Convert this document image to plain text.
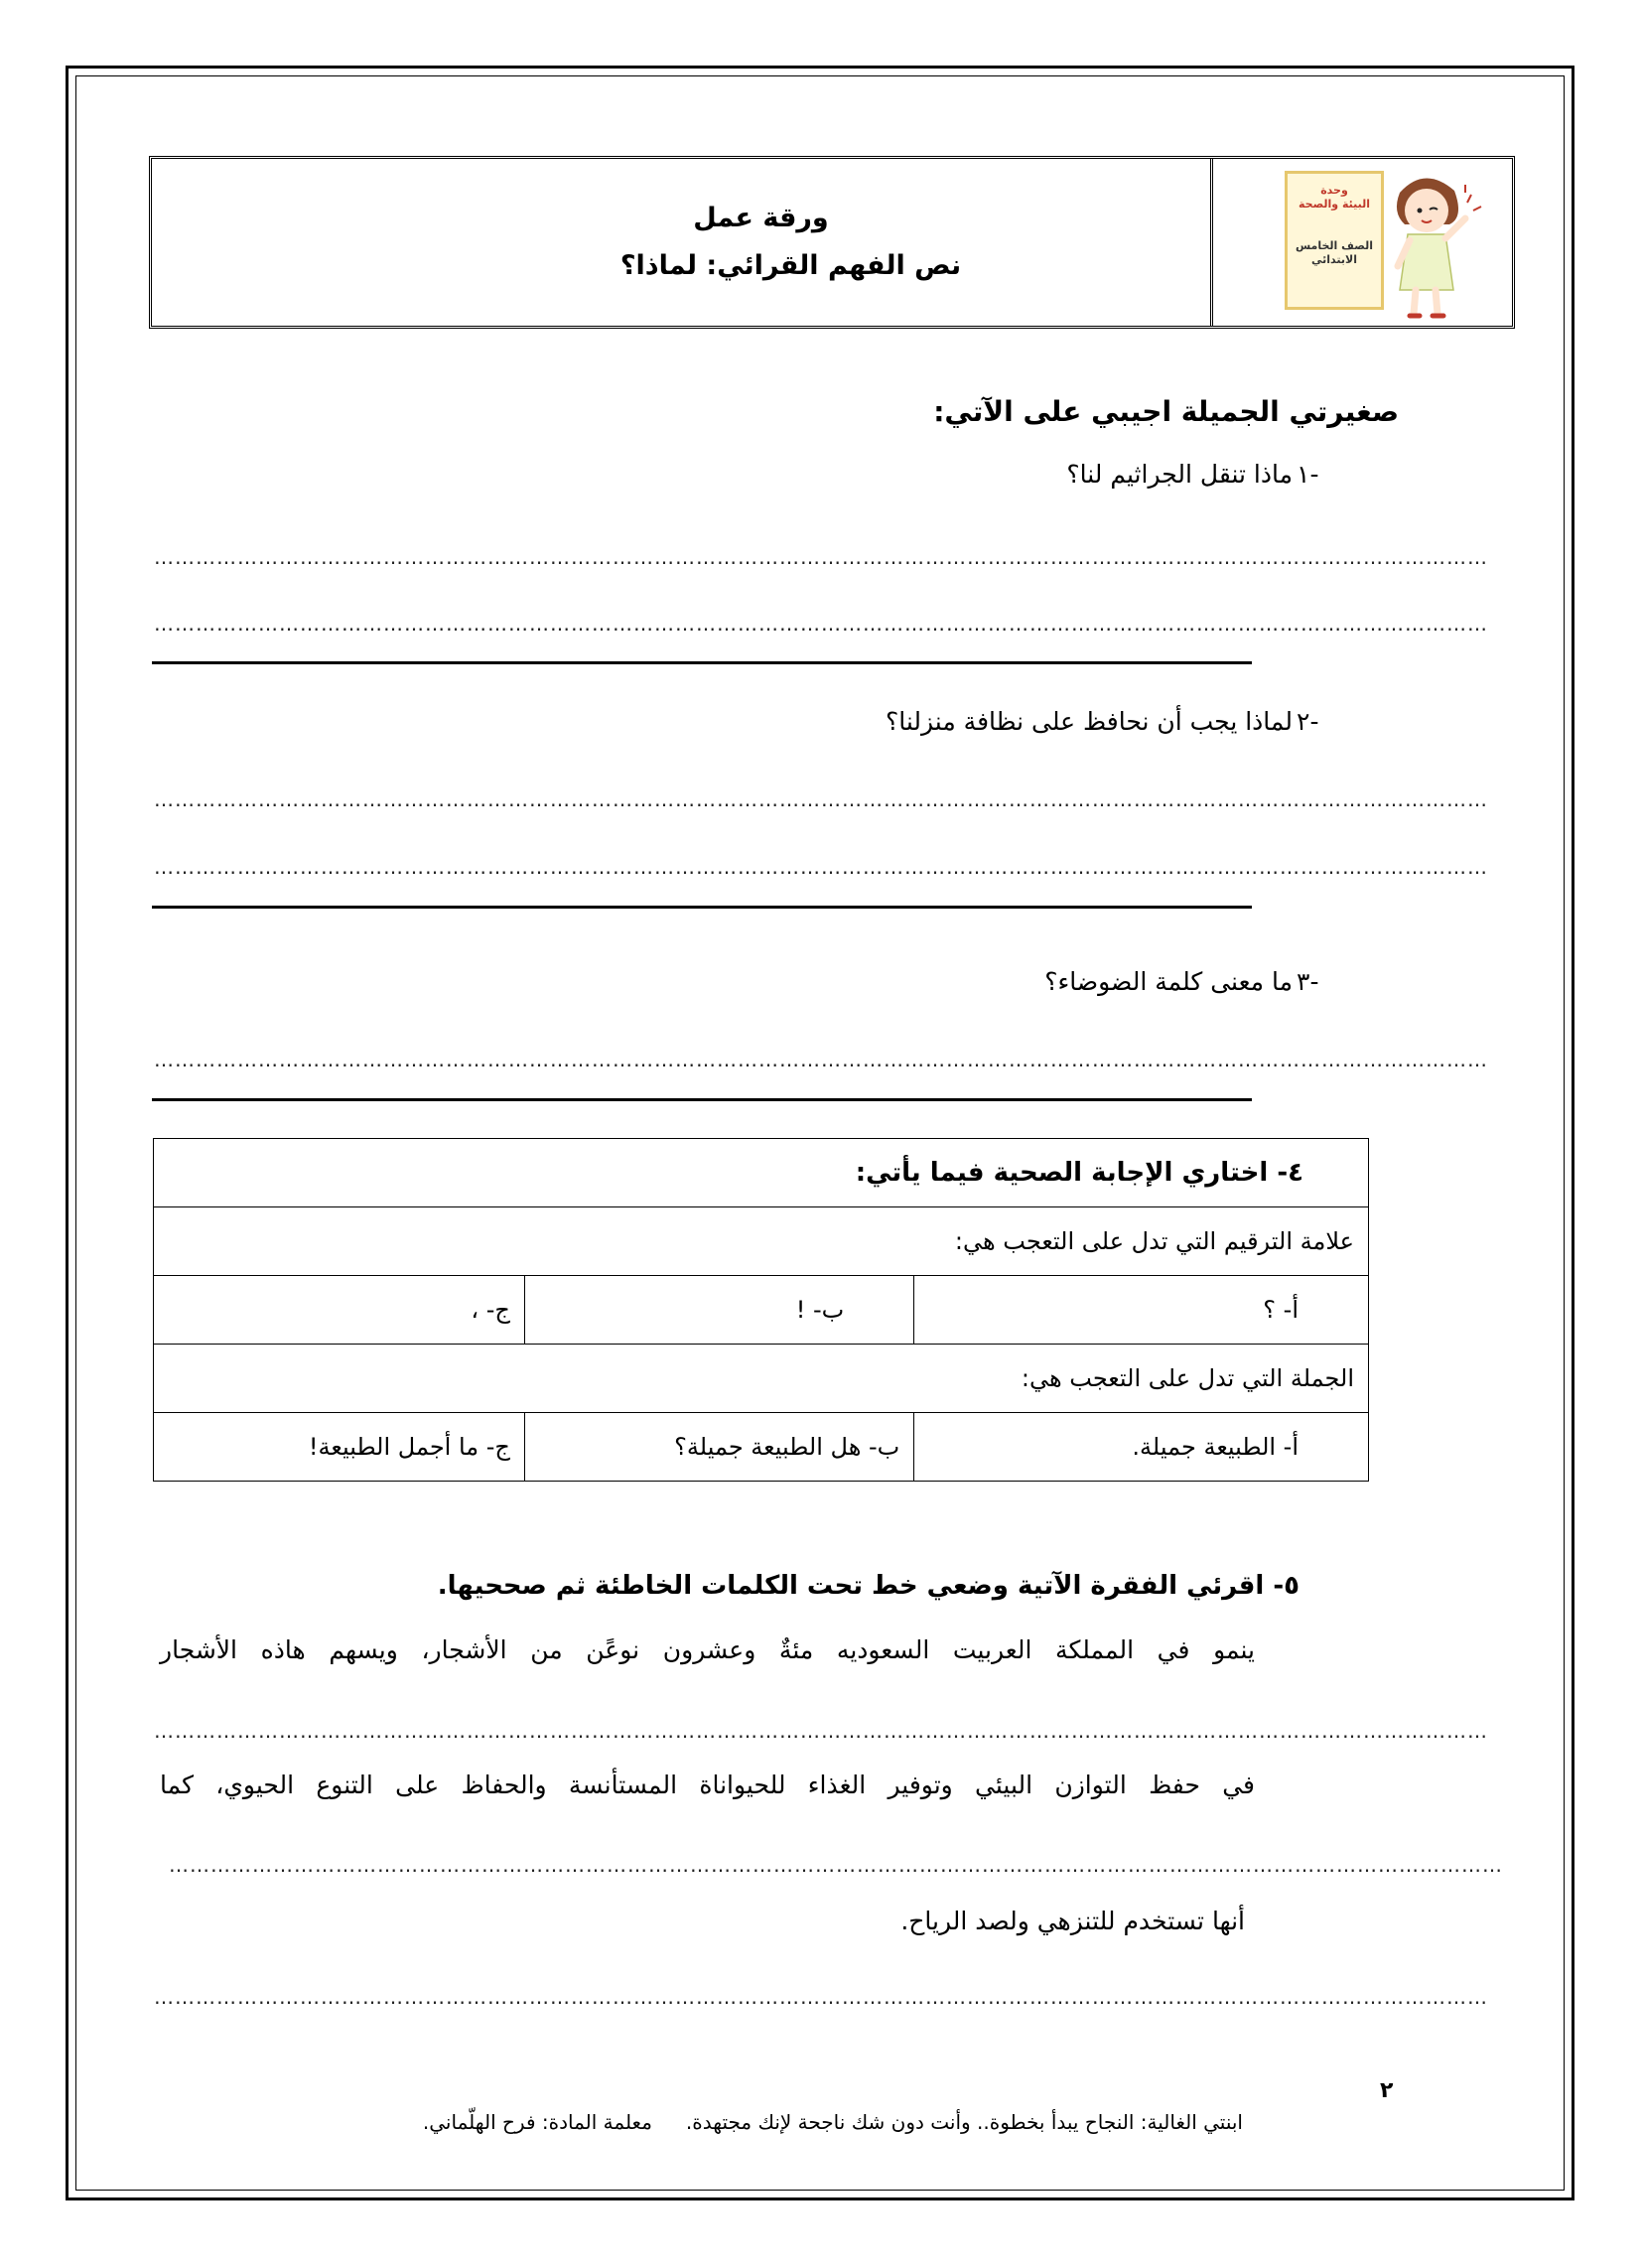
ورقة عمل
نص الفهم القرائي: لماذا؟
وحدة
البيئة والصحة
الصف الخامس
الابتدائي
صغيرتي الجميلة اجيبي على الآتي:
١-
ماذا تنقل الجراثيم لنا؟
…………………………………………………………………………………………………………………………………………………………………………
…………………………………………………………………………………………………………………………………………………………………………
٢-
لماذا يجب أن نحافظ على نظافة منزلنا؟
…………………………………………………………………………………………………………………………………………………………………………
…………………………………………………………………………………………………………………………………………………………………………
٣-
ما معنى كلمة الضوضاء؟
…………………………………………………………………………………………………………………………………………………………………………
٤- اختاري الإجابة الصحية فيما يأتي:		
علامة الترقيم التي تدل على التعجب هي:		
أ- ؟	ب- !	ج- ،
الجملة التي تدل على التعجب هي:		
أ- الطبيعة جميلة.	ب- هل الطبيعة جميلة؟	ج- ما أجمل الطبيعة!
٥- اقرئي الفقرة الآتية وضعي خط تحت الكلمات الخاطئة ثم صححيها.
ينمو في المملكة العربيت السعوديه مئةٌ وعشرون نوعًن من الأشجار، ويسهم هاذه الأشجار
…………………………………………………………………………………………………………………………………………………………………………
في حفظ التوازن البيئي وتوفير الغذاء للحيواناة المستأنسة والحفاظ على التنوع الحيوي، كما
…………………………………………………………………………………………………………………………………………………………………………
أنها تستخدم للتنزهي ولصد الرياح.
…………………………………………………………………………………………………………………………………………………………………………
٢
ابنتي الغالية: النجاح يبدأ بخطوة.. وأنت دون شك ناجحة لإنك مجتهدة.معلمة المادة: فرح الهلّماني.
